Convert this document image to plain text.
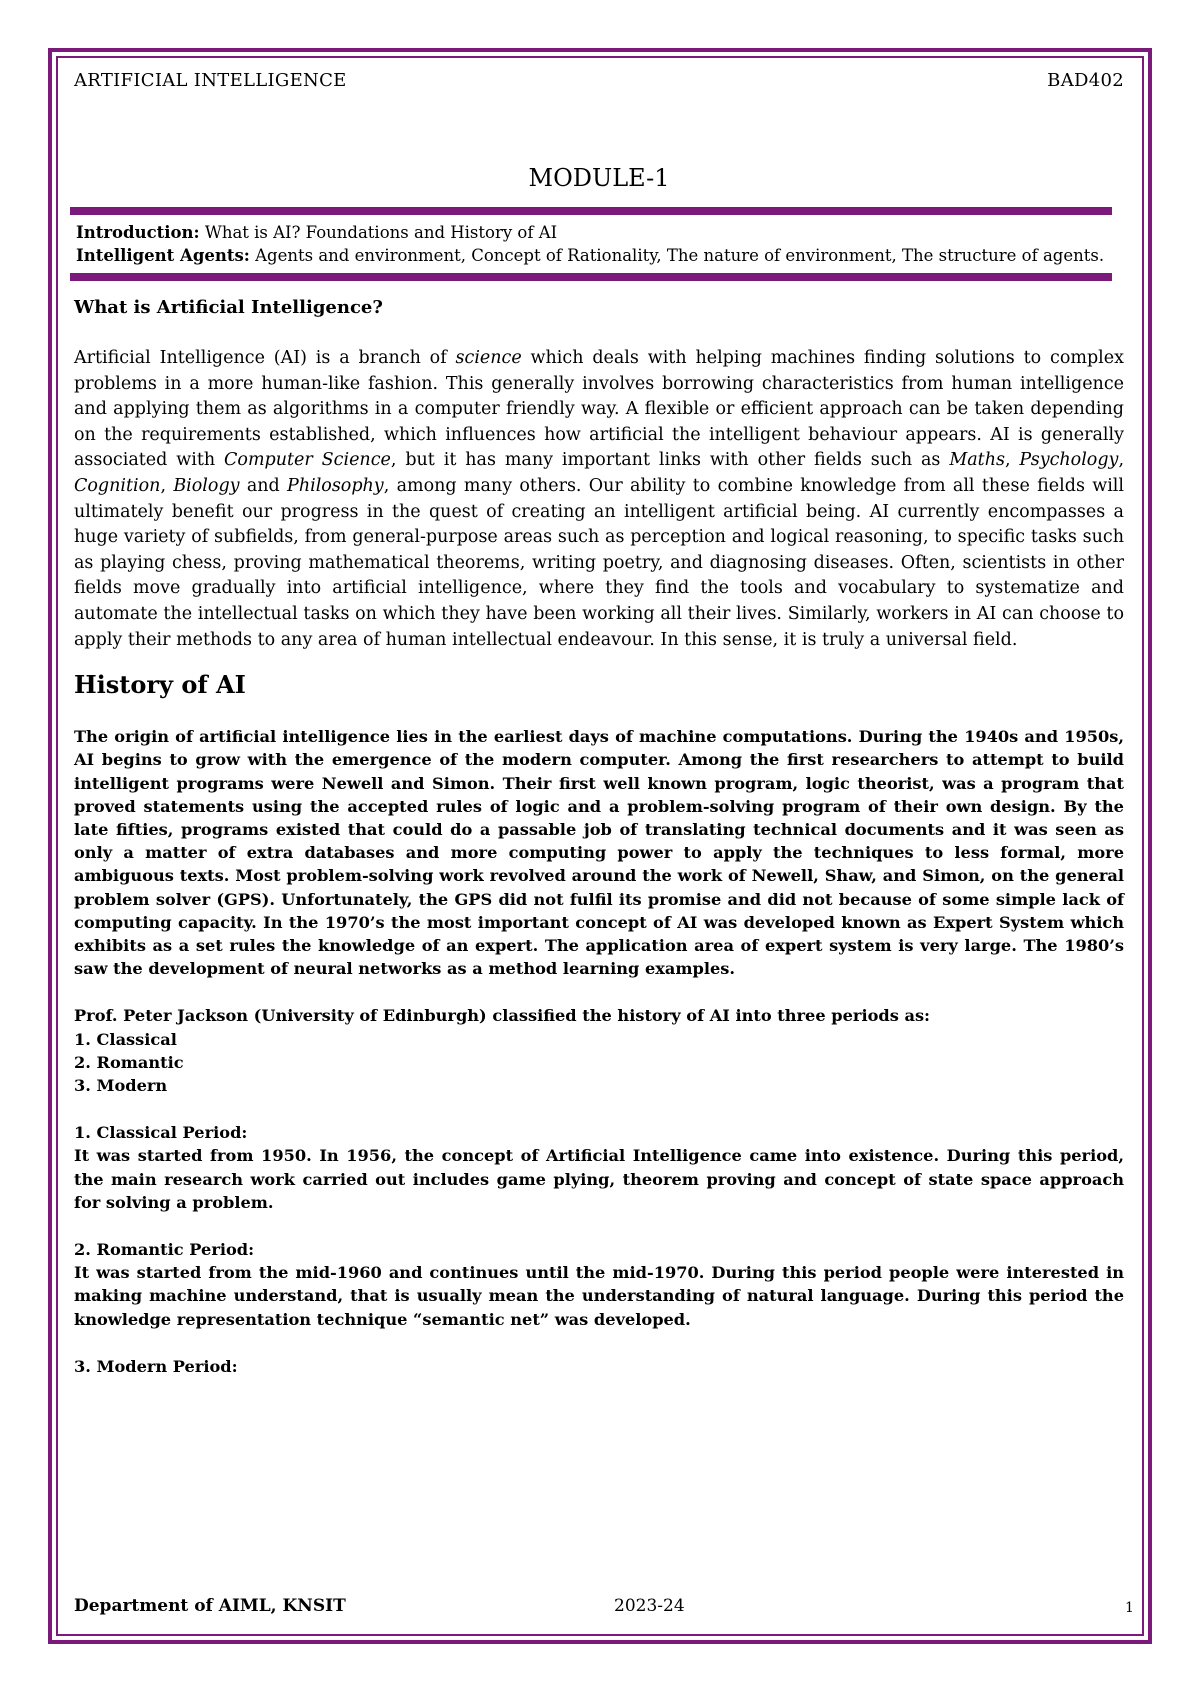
ARTIFICIAL INTELLIGENCE	BAD402
MODULE-1
Introduction: What is AI? Foundations and History of AI
Intelligent Agents: Agents and environment, Concept of Rationality, The nature of environment, The structure of agents.
What is Artificial Intelligence?
Artificial Intelligence (AI) is a branch of science which deals with helping machines finding solutions to complex problems in a more human-like fashion. This generally involves borrowing characteristics from human intelligence and applying them as algorithms in a computer friendly way. A flexible or efficient approach can be taken depending on the requirements established, which influences how artificial the intelligent behaviour appears. AI is generally associated with Computer Science, but it has many important links with other fields such as Maths, Psychology, Cognition, Biology and Philosophy, among many others. Our ability to combine knowledge from all these fields will ultimately benefit our progress in the quest of creating an intelligent artificial being. AI currently encompasses a huge variety of subfields, from general-purpose areas such as perception and logical reasoning, to specific tasks such as playing chess, proving mathematical theorems, writing poetry, and diagnosing diseases. Often, scientists in other fields move gradually into artificial intelligence, where they find the tools and vocabulary to systematize and automate the intellectual tasks on which they have been working all their lives. Similarly, workers in AI can choose to apply their methods to any area of human intellectual endeavour. In this sense, it is truly a universal field.
History of AI
The origin of artificial intelligence lies in the earliest days of machine computations. During the 1940s and 1950s, AI begins to grow with the emergence of the modern computer. Among the first researchers to attempt to build intelligent programs were Newell and Simon. Their first well known program, logic theorist, was a program that proved statements using the accepted rules of logic and a problem-solving program of their own design. By the late fifties, programs existed that could do a passable job of translating technical documents and it was seen as only a matter of extra databases and more computing power to apply the techniques to less formal, more ambiguous texts. Most problem-solving work revolved around the work of Newell, Shaw, and Simon, on the general problem solver (GPS). Unfortunately, the GPS did not fulfil its promise and did not because of some simple lack of computing capacity. In the 1970’s the most important concept of AI was developed known as Expert System which exhibits as a set rules the knowledge of an expert. The application area of expert system is very large. The 1980’s saw the development of neural networks as a method learning examples.
Prof. Peter Jackson (University of Edinburgh) classified the history of AI into three periods as:
1. Classical
2. Romantic
3. Modern
1. Classical Period:
It was started from 1950. In 1956, the concept of Artificial Intelligence came into existence. During this period, the main research work carried out includes game plying, theorem proving and concept of state space approach for solving a problem.
2. Romantic Period:
It was started from the mid-1960 and continues until the mid-1970. During this period people were interested in making machine understand, that is usually mean the understanding of natural language. During this period the knowledge representation technique “semantic net” was developed.
3. Modern Period:
Department of AIML, KNSIT	2023-24	1
